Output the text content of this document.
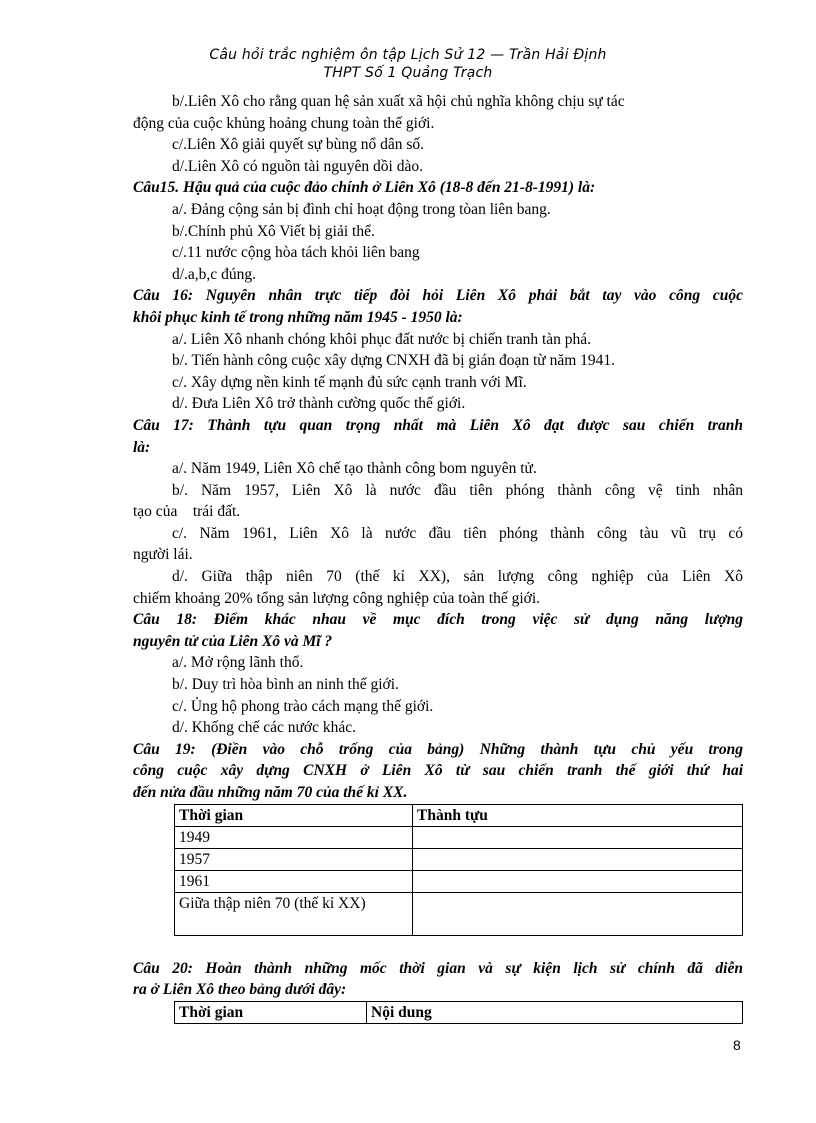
Câu hỏi trắc nghiệm ôn tập Lịch Sử 12 — Trần Hải Định
THPT Số 1 Quảng Trạch

b/.Liên Xô cho rằng quan hệ sản xuất xã hội chủ nghĩa không chịu sự tác

động của cuộc khủng hoảng chung toàn thế giới.

c/.Liên Xô giải quyết sự bùng nổ dân số.

d/.Liên Xô có nguồn tài nguyên dồi dào.

Câu15. Hậu quả của cuộc đảo chính ở Liên Xô (18-8 đến 21-8-1991) là:

a/. Đảng cộng sản bị đình chỉ hoạt động trong tòan liên bang.

b/.Chính phủ Xô Viết bị giải thể.

c/.11 nước cộng hòa tách khỏi liên bang

d/.a,b,c đúng.

Câu 16: Nguyên nhân trực tiếp đòi hỏi Liên Xô phải bắt tay vào công cuộc

khôi phục kinh tế trong những năm 1945 - 1950 là:

a/. Liên Xô nhanh chóng khôi phục đất nước bị chiến tranh tàn phá.

b/. Tiến hành công cuộc xây dựng CNXH đã bị gián đoạn từ năm 1941.

c/. Xây dựng nền kinh tế mạnh đủ sức cạnh tranh với Mĩ.

d/. Đưa Liên Xô trở thành cường quốc thế giới.

Câu 17: Thành tựu quan trọng nhất mà Liên Xô đạt được sau chiến tranh

là:

a/. Năm 1949, Liên Xô chế tạo thành công bom nguyên tử.

b/. Năm 1957, Liên Xô là nước đầu tiên phóng thành công vệ tinh nhân

tạo của    trái đất.

c/. Năm 1961, Liên Xô là nước đầu tiên phóng thành công tàu vũ trụ có

người lái.

d/. Giữa thập niên 70 (thế kỉ XX), sản lượng công nghiệp của Liên Xô

chiếm khoảng 20% tổng sản lượng công nghiệp của toàn thế giới.

Câu 18: Điểm khác nhau về mục đích trong việc sử dụng năng lượng

nguyên tử của Liên Xô và Mĩ ?

a/. Mở rộng lãnh thổ.

b/. Duy trì hòa bình an ninh thế giới.

c/. Ủng hộ phong trào cách mạng thế giới.

d/. Khống chế các nước khác.

Câu 19: (Điền vào chỗ trống của bảng) Những thành tựu chủ yếu trong

công cuộc xây dựng CNXH ở Liên Xô từ sau chiến tranh thế giới thứ hai

đến nửa đầu những năm 70 của thế kỉ XX.

Thời gian	Thành tựu
1949	
1957	
1961	
Giữa thập niên 70 (thế kỉ XX)	

Câu 20: Hoàn thành những mốc thời gian và sự kiện lịch sử chính đã diễn

ra ở Liên Xô theo bảng dưới đây:

Thời gian	Nội dung
8
